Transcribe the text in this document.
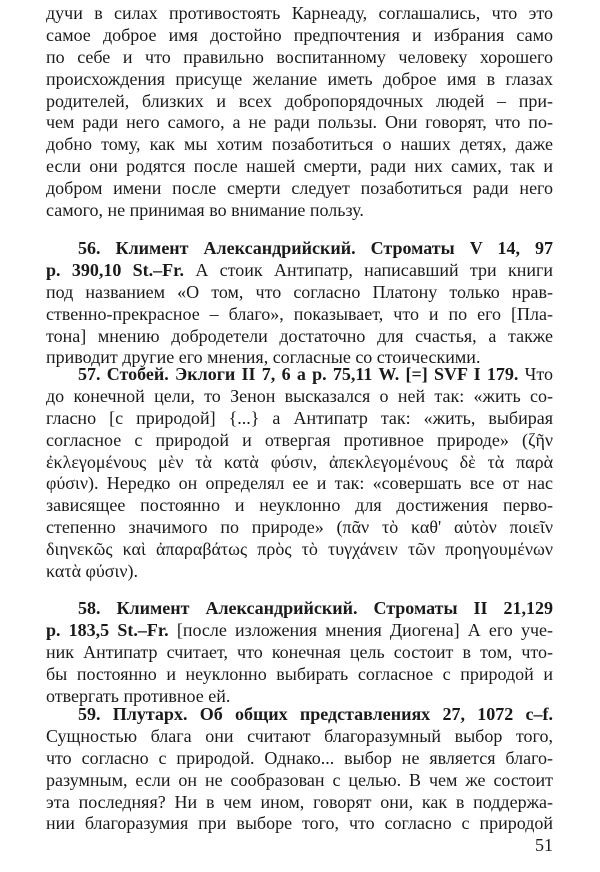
дучи в силах противостоять Карнеаду, соглашались, что это
самое доброе имя достойно предпочтения и избрания само
по себе и что правильно воспитанному человеку хорошего
происхождения присуще желание иметь доброе имя в глазах
родителей, близких и всех добропорядочных людей – при-
чем ради него самого, а не ради пользы. Они говорят, что по-
добно тому, как мы хотим позаботиться о наших детях, даже
если они родятся после нашей смерти, ради них самих, так и
добром имени после смерти следует позаботиться ради него
самого, не принимая во внимание пользу.
56. Климент Александрийский. Строматы V 14, 97
p. 390,10 St.–Fr. А стоик Антипатр, написавший три книги
под названием «О том, что согласно Платону только нрав-
ственно-прекрасное – благо», показывает, что и по его [Пла-
тона] мнению добродетели достаточно для счастья, а также
приводит другие его мнения, согласные со стоическими.
57. Стобей. Эклоги II 7, 6 a p. 75,11 W. [=] SVF I 179. Что
до конечной цели, то Зенон высказался о ней так: «жить со-
гласно [с природой] {...} а Антипатр так: «жить, выбирая
согласное с природой и отвергая противное природе» (ζῆν
ἐκλεγομένους μὲν τὰ κατὰ φύσιν, ἀπεκλεγομένους δὲ τὰ παρὰ
φύσιν). Нередко он определял ее и так: «совершать все от нас
зависящее постоянно и неуклонно для достижения перво-
степенно значимого по природе» (πᾶν τὸ καθ' αὑτὸν ποιεῖν
διηνεκῶς καὶ ἀπαραβάτως πρὸς τὸ τυγχάνειν τῶν προηγουμένων
κατὰ φύσιν).
58. Климент Александрийский. Строматы II 21,129
p. 183,5 St.–Fr. [после изложения мнения Диогена] А его уче-
ник Антипатр считает, что конечная цель состоит в том, что-
бы постоянно и неуклонно выбирать согласное с природой и
отвергать противное ей.
59. Плутарх. Об общих представлениях 27, 1072 c–f.
Сущностью блага они считают благоразумный выбор того,
что согласно с природой. Однако... выбор не является благо-
разумным, если он не сообразован с целью. В чем же состоит
эта последняя? Ни в чем ином, говорят они, как в поддержа-
нии благоразумия при выборе того, что согласно с природой
51
